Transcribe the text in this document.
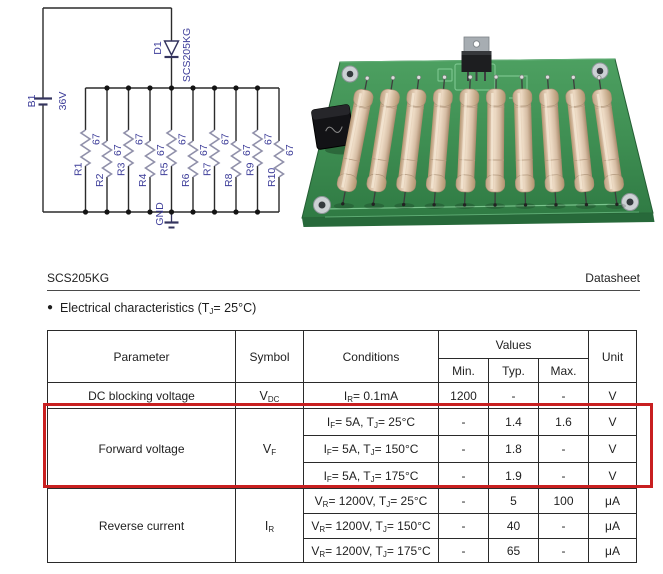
R1
67
R2
67
R3
67
R4
67
R5
67
R6
67
R7
67
R8
67
R9
67
R10
67
B1 36V
D1 SCS205KG
GND
SCS205KG	Datasheet
● Electrical characteristics $(T_J= 25^\circ C)$
Parameter	Symbol	Conditions	Values			Unit
			Min.	Typ.	Max.	
DC blocking voltage	$V_{DC}$	$I_R= 0.1mA$	1200	-	-	V
Forward voltage	$V_F$	$I_F= 5A$, $T_J= 25^\circ C$	-	1.4	1.6	V
		$I_F= 5A$, $T_J= 150^\circ C$	-	1.8	-	V
		$I_F= 5A$, $T_J= 175^\circ C$	-	1.9	-	V
Reverse current	$I_R$	$V_R= 1200V$, $T_J= 25^\circ C$	-	5	100	μA
		$V_R= 1200V$, $T_J= 150^\circ C$	-	40	-	μA
		$V_R= 1200V$, $T_J= 175^\circ C$	-	65	-	μA
